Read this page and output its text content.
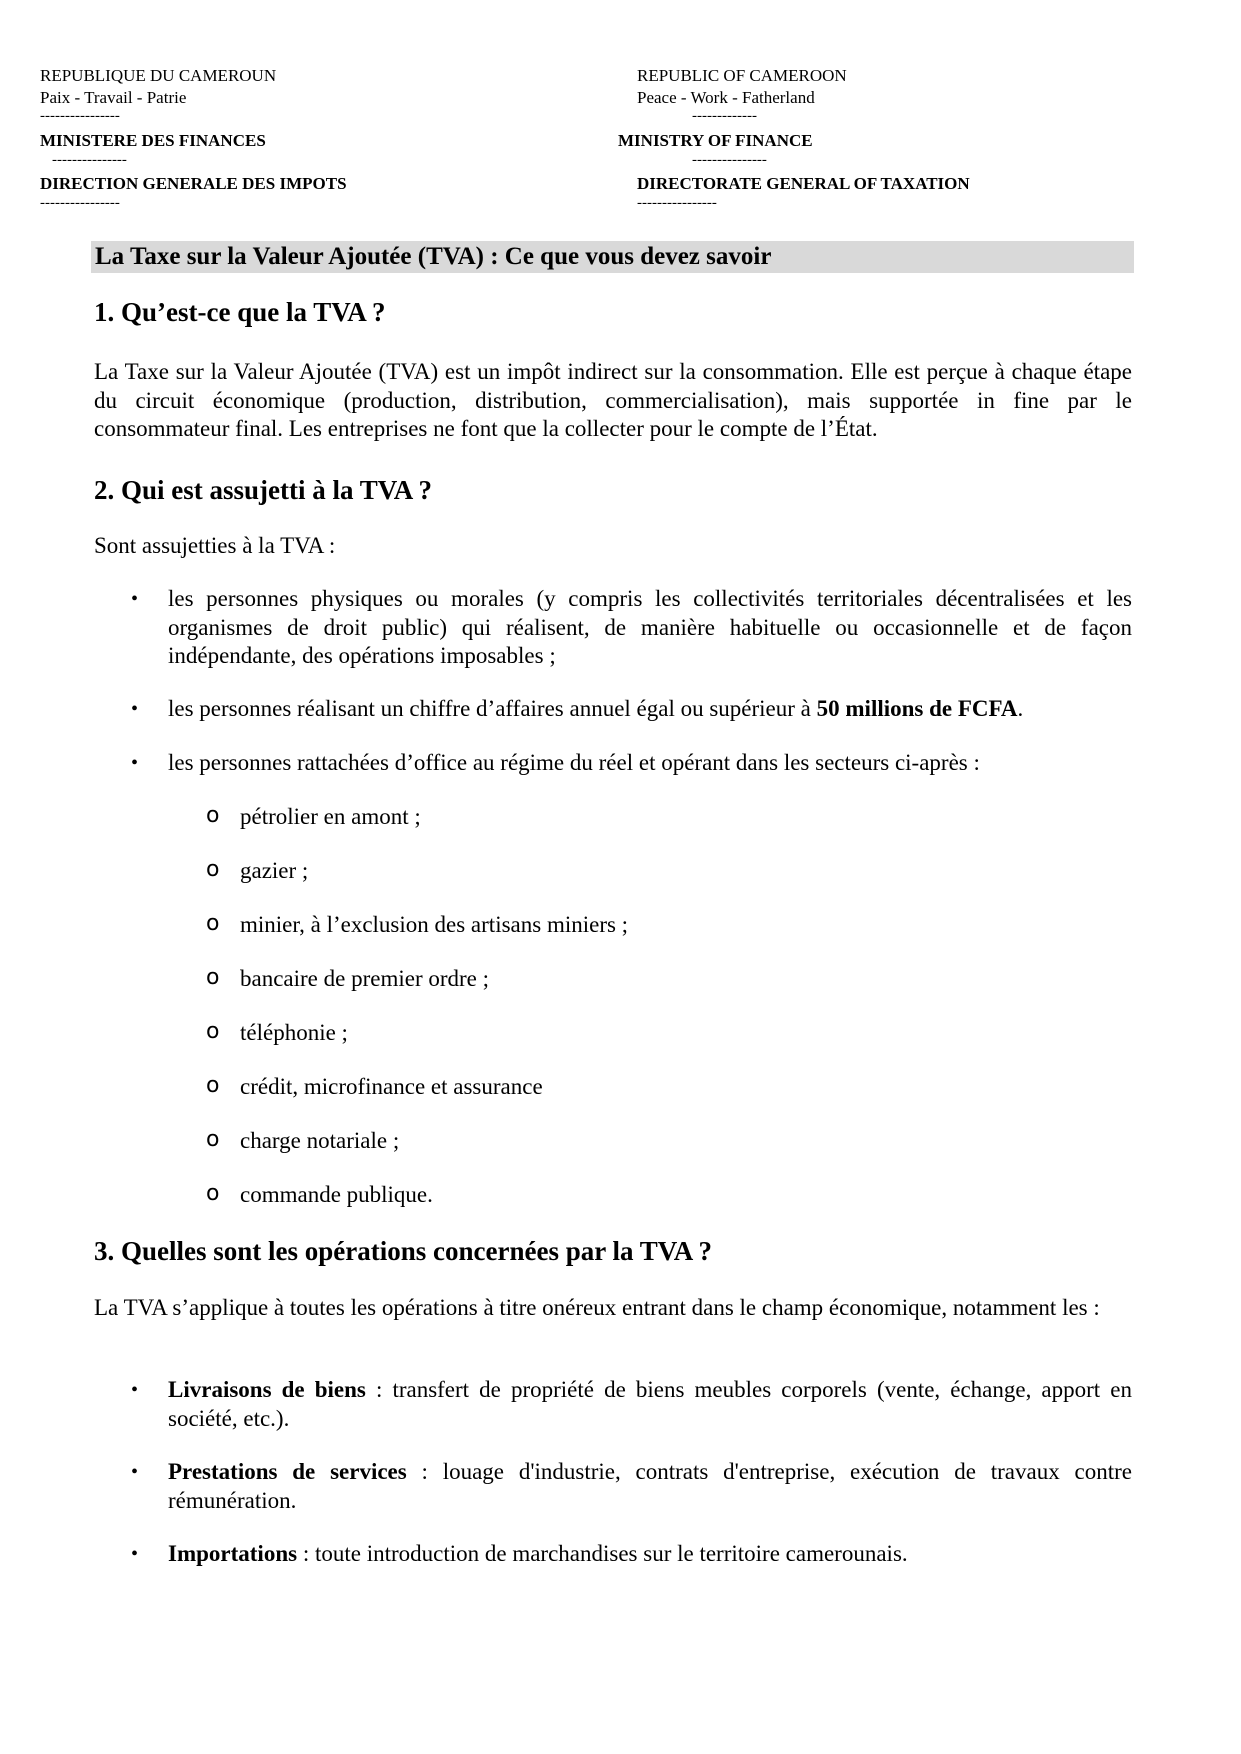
REPUBLIQUE DU CAMEROUN
Paix - Travail - Patrie
----------------
MINISTERE DES FINANCES
---------------
DIRECTION GENERALE DES IMPOTS
----------------
REPUBLIC OF CAMEROON
Peace - Work - Fatherland
-------------
MINISTRY OF FINANCE
---------------
DIRECTORATE GENERAL OF TAXATION
----------------
La Taxe sur la Valeur Ajoutée (TVA) : Ce que vous devez savoir
1. Qu’est-ce que la TVA ?

La Taxe sur la Valeur Ajoutée (TVA) est un impôt indirect sur la consommation. Elle est perçue à chaque étape du circuit économique (production, distribution, commercialisation), mais supportée in fine par le consommateur final. Les entreprises ne font que la collecter pour le compte de l’État.

2. Qui est assujetti à la TVA ?

Sont assujetties à la TVA :

• les personnes physiques ou morales (y compris les collectivités territoriales décentralisées et les organismes de droit public) qui réalisent, de manière habituelle ou occasionnelle et de façon indépendante, des opérations imposables ;
• les personnes réalisant un chiffre d’affaires annuel égal ou supérieur à 50 millions de FCFA.
• les personnes rattachées d’office au régime du réel et opérant dans les secteurs ci-après :
o pétrolier en amont ;
o gazier ;
o minier, à l’exclusion des artisans miniers ;
o bancaire de premier ordre ;
o téléphonie ;
o crédit, microfinance et assurance
o charge notariale ;
o commande publique.
3. Quelles sont les opérations concernées par la TVA ?

La TVA s’applique à toutes les opérations à titre onéreux entrant dans le champ économique, notamment les :

• Livraisons de biens : transfert de propriété de biens meubles corporels (vente, échange, apport en société, etc.).
• Prestations de services : louage d'industrie, contrats d'entreprise, exécution de travaux contre rémunération.
• Importations : toute introduction de marchandises sur le territoire camerounais.
